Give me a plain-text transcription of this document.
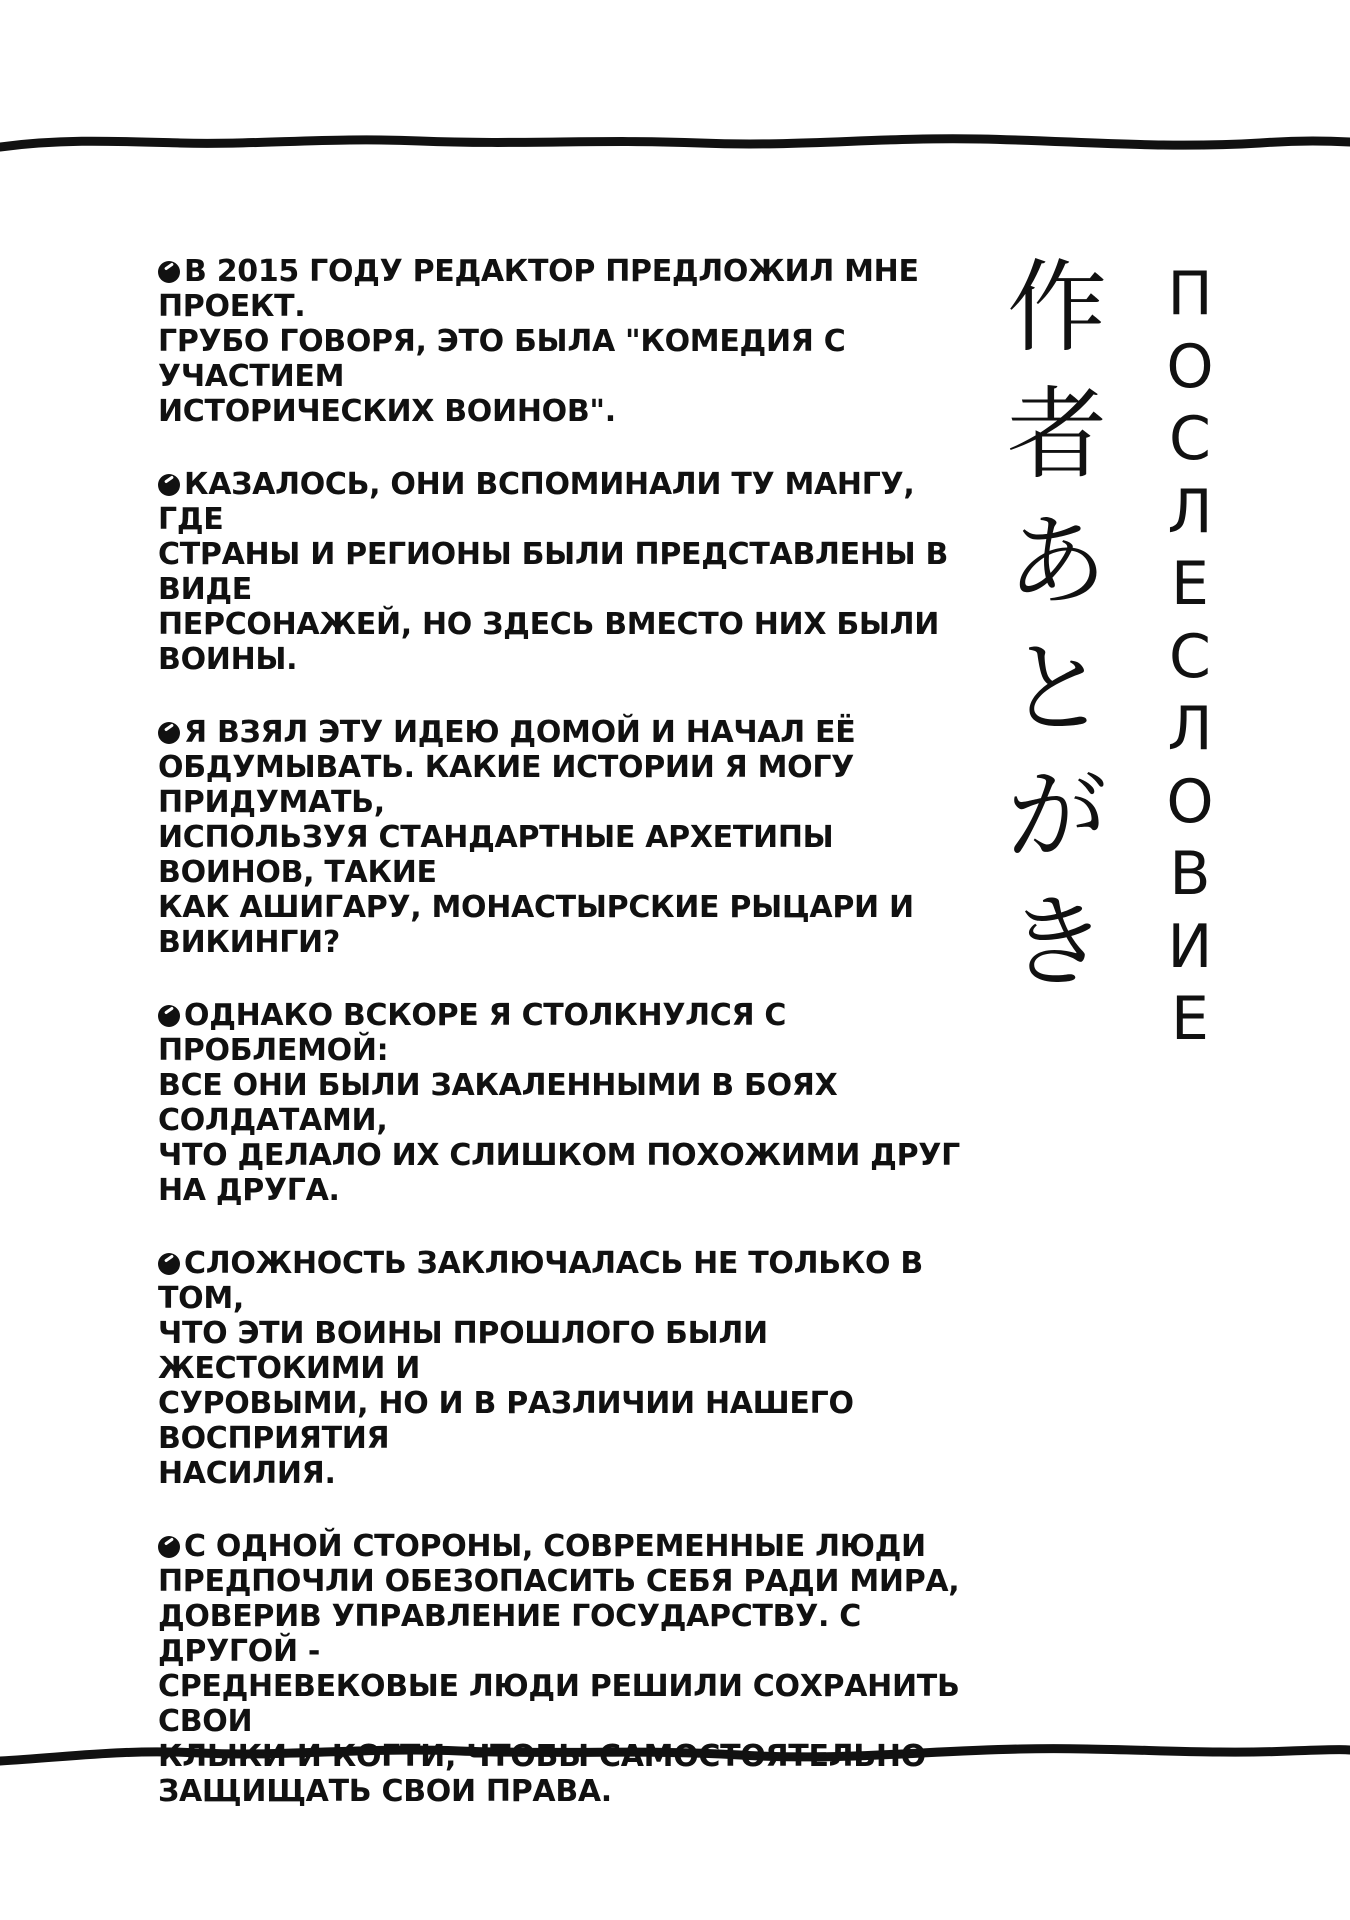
作
者
あ
と
が
き
П
О
С
Л
Е
С
Л
О
В
И
Е

В 2015 ГОДУ РЕДАКТОР ПРЕДЛОЖИЛ МНЕ ПРОЕКТ.
ГРУБО ГОВОРЯ, ЭТО БЫЛА "КОМЕДИЯ С УЧАСТИЕМ
ИСТОРИЧЕСКИХ ВОИНОВ".

КАЗАЛОСЬ, ОНИ ВСПОМИНАЛИ ТУ МАНГУ, ГДЕ
СТРАНЫ И РЕГИОНЫ БЫЛИ ПРЕДСТАВЛЕНЫ В ВИДЕ
ПЕРСОНАЖЕЙ, НО ЗДЕСЬ ВМЕСТО НИХ БЫЛИ ВОИНЫ.

Я ВЗЯЛ ЭТУ ИДЕЮ ДОМОЙ И НАЧАЛ ЕЁ
ОБДУМЫВАТЬ. КАКИЕ ИСТОРИИ Я МОГУ ПРИДУМАТЬ,
ИСПОЛЬЗУЯ СТАНДАРТНЫЕ АРХЕТИПЫ ВОИНОВ, ТАКИЕ
КАК АШИГАРУ, МОНАСТЫРСКИЕ РЫЦАРИ И ВИКИНГИ?

ОДНАКО ВСКОРЕ Я СТОЛКНУЛСЯ С ПРОБЛЕМОЙ:
ВСЕ ОНИ БЫЛИ ЗАКАЛЕННЫМИ В БОЯХ СОЛДАТАМИ,
ЧТО ДЕЛАЛО ИХ СЛИШКОМ ПОХОЖИМИ ДРУГ
НА ДРУГА.

СЛОЖНОСТЬ ЗАКЛЮЧАЛАСЬ НЕ ТОЛЬКО В ТОМ,
ЧТО ЭТИ ВОИНЫ ПРОШЛОГО БЫЛИ ЖЕСТОКИМИ И
СУРОВЫМИ, НО И В РАЗЛИЧИИ НАШЕГО ВОСПРИЯТИЯ
НАСИЛИЯ.

С ОДНОЙ СТОРОНЫ, СОВРЕМЕННЫЕ ЛЮДИ
ПРЕДПОЧЛИ ОБЕЗОПАСИТЬ СЕБЯ РАДИ МИРА,
ДОВЕРИВ УПРАВЛЕНИЕ ГОСУДАРСТВУ. С ДРУГОЙ -
СРЕДНЕВЕКОВЫЕ ЛЮДИ РЕШИЛИ СОХРАНИТЬ СВОИ
КЛЫКИ И КОГТИ, ЧТОБЫ САМОСТОЯТЕЛЬНО
ЗАЩИЩАТЬ СВОИ ПРАВА.
